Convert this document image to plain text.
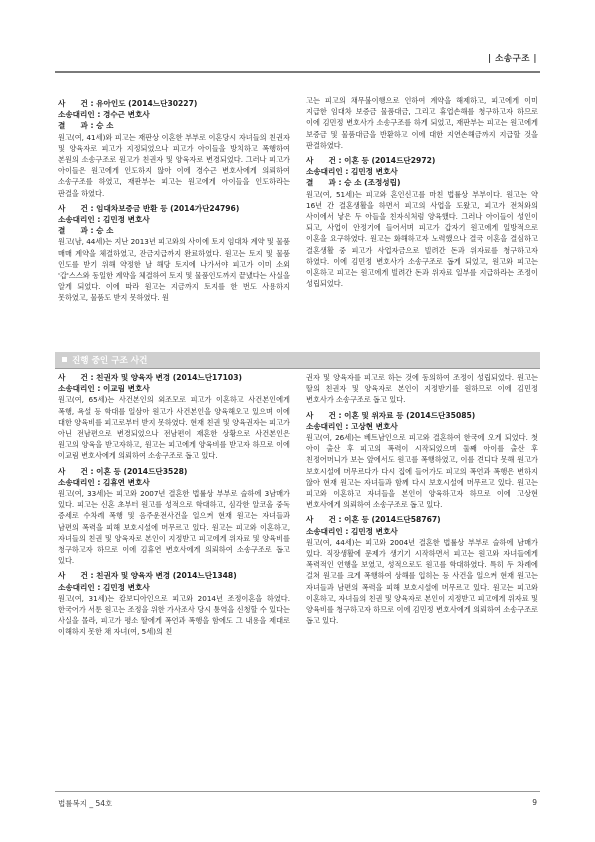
| 소송구조 |
사　　건 : 유아인도 (2014느단30227)
소송대리인 : 경수근 변호사
결　　과 : 승 소
원고(여, 41세)와 피고는 재판상 이혼한 부부로 이혼당시 자녀들의 친권자 및 양육자로 피고가 지정되었으나 피고가 아이들을 방치하고 폭행하여 본원의 소송구조로 원고가 친권자 및 양육자로 변경되었다. 그러나 피고가 아이들은 원고에게 인도하지 않아 이에 경수근 변호사에게 의뢰하여 소송구조를 하였고, 재판부는 피고는 원고에게 아이들을 인도하라는 판결을 하였다.
사　　건 : 임대차보증금 반환 등 (2014가단24796)
소송대리인 : 김민정 변호사
결　　과 : 승 소
원고(남, 44세)는 지난 2013년 피고와의 사이에 토지 임대차 계약 및 물품 매매 계약을 체결하였고, 잔금지급까지 완료하였다. 원고는 토지 및 물품 인도를 받기 위해 약정한 날 해당 토지에 나가서야 피고가 이미 소외 '갑'스스와 동일한 계약을 체결하여 토지 및 물품인도까지 끝냈다는 사실을 알게 되었다. 이에 따라 원고는 지금까지 토지를 한 번도 사용하지 못하였고, 물품도 받지 못하였다. 원
고는 피고의 채무불이행으로 인하여 계약을 해제하고, 피고에게 이미 지급한 임대차 보증금 물품대금, 그리고 휴업손해를 청구하고자 하므로 이에 김민정 변호사가 소송구조를 하게 되었고, 재판부는 피고는 원고에게 보증금 및 물품대금을 반환하고 이에 대한 지연손해금까지 지급할 것을 판결하였다.
사　　건 : 이혼 등 (2014드단2972)
소송대리인 : 김민정 변호사
결　　과 : 승 소 (조정성립)
원고(여, 51세)는 피고와 혼인신고를 마친 법률상 부부이다. 원고는 약 16년 간 결혼생활을 하면서 피고의 사업을 도왔고, 피고가 전처와의 사이에서 낳은 두 아들을 친자식처럼 양육했다. 그러나 아이들이 성인이 되고, 사업이 안정기에 들어서며 피고가 갑자기 원고에게 일방적으로 이혼을 요구하였다. 원고는 화해하고자 노력했으나 결국 이혼을 결심하고 결혼생활 중 피고가 사업자금으로 빌려간 돈과 위자료를 청구하고자 하였다. 이에 김민정 변호사가 소송구조로 돕게 되었고, 원고와 피고는 이혼하고 피고는 원고에게 빌려간 돈과 위자료 일부를 지급하라는 조정이 성립되었다.
진행 중인 구조 사건
사　　건 : 친권자 및 양육자 변경 (2014느단17103)
소송대리인 : 이교림 변호사
원고(여, 65세)는 사건본인의 외조모로 피고가 이혼하고 사건본인에게 폭행, 욕설 등 학대를 일삼아 원고가 사건본인을 양육해오고 있으며 이에 대한 양육비를 피고로부터 받지 못하였다. 현재 친권 및 양육권자는 피고가 아닌 전남편으로 변경되었으나 전남편이 재혼한 상황으로 사건본인은 원고의 양육을 받고자하고, 원고는 피고에게 양육비를 받고자 하므로 이에 이교림 변호사에게 의뢰하여 소송구조로 돕고 있다.
사　　건 : 이혼 등 (2014드단3528)
소송대리인 : 김휴연 변호사
원고(여, 33세)는 피고와 2007년 결혼한 법률상 부부로 슬하에 3남매가 있다. 피고는 신혼 초부터 원고를 성적으로 학대하고, 심각한 알코올 중독 증세로 수차례 폭행 및 음주운전사건을 일으켜 현재 원고는 자녀들과 남편의 폭력을 피해 보호시설에 머무르고 있다. 원고는 피고와 이혼하고, 자녀들의 친권 및 양육자로 본인이 지정받고 피고에게 위자료 및 양육비를 청구하고자 하므로 이에 김휴연 변호사에게 의뢰하여 소송구조로 돕고 있다.
사　　건 : 친권자 및 양육자 변경 (2014느단1348)
소송대리인 : 김민정 변호사
원고(여, 31세)는 캄보디아인으로 피고와 2014년 조정이혼을 하였다. 한국어가 서툰 원고는 조정을 위한 가사조사 당시 통역을 신청할 수 있다는 사실을 몰라, 피고가 평소 딸에게 폭언과 폭행을 함에도 그 내용을 제대로 이해하지 못한 채 자녀(여, 5세)의 친
권자 및 양육자를 피고로 하는 것에 동의하여 조정이 성립되었다. 원고는 딸의 친권자 및 양육자로 본인이 지정받기를 원하므로 이에 김민정 변호사가 소송구조로 돕고 있다.
사　　건 : 이혼 및 위자료 등 (2014드단35085)
소송대리인 : 고상현 변호사
원고(여, 26세)는 베트남인으로 피고와 결혼하여 한국에 오게 되었다. 첫 아이 출산 후 피고의 폭력이 시작되었으며 둘째 아이를 출산 후 친정어머니가 보는 앞에서도 원고를 폭행하였고, 이를 견디다 못해 원고가 보호시설에 머무르다가 다시 집에 들어가도 피고의 폭언과 폭행은 변하지 않아 현재 원고는 자녀들과 함께 다시 보호시설에 머무르고 있다. 원고는 피고와 이혼하고 자녀들을 본인이 양육하고자 하므로 이에 고상현 변호사에게 의뢰하여 소송구조로 돕고 있다.
사　　건 : 이혼 등 (2014드단58767)
소송대리인 : 김민정 변호사
원고(여, 44세)는 피고와 2004년 결혼한 법률상 부부로 슬하에 남매가 있다. 직장생활에 문제가 생기기 시작하면서 피고는 원고와 자녀들에게 폭력적인 언행을 보였고, 성적으로도 원고를 학대하였다. 특히 두 차례에 걸쳐 원고를 크게 폭행하여 상해를 입히는 등 사건을 일으켜 현재 원고는 자녀들과 남편의 폭력을 피해 보호시설에 머무르고 있다. 원고는 피고와 이혼하고, 자녀들의 친권 및 양육자로 본인이 지정받고 피고에게 위자료 및 양육비를 청구하고자 하므로 이에 김민정 변호사에게 의뢰하여 소송구조로 돕고 있다.
법률복지 _ 54호	9
